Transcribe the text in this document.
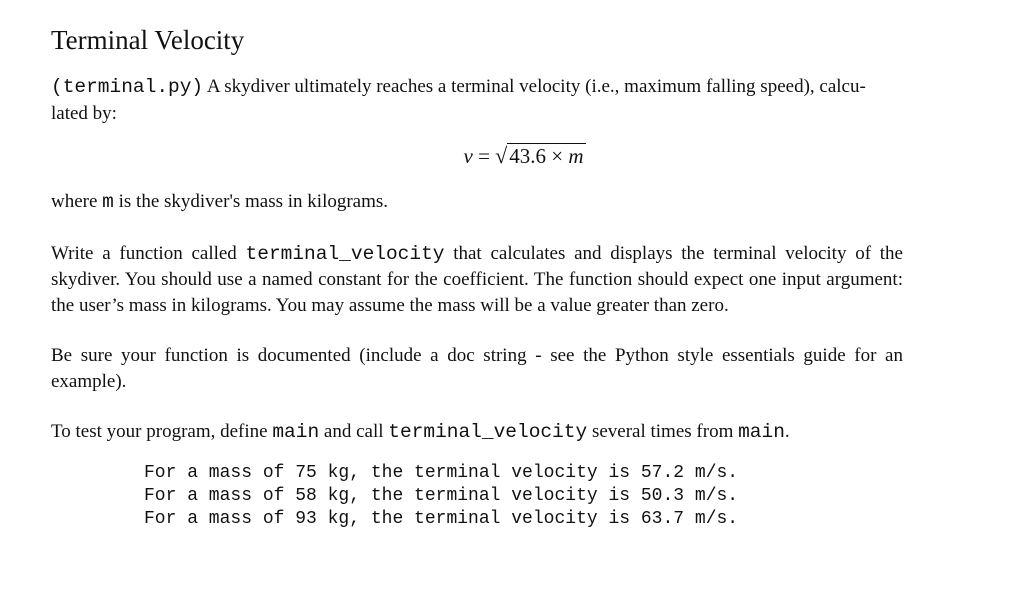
Terminal Velocity

(terminal.py) A skydiver ultimately reaches a terminal velocity (i.e., maximum falling speed), calcu-
lated by:

v = √43.6 × m

where m is the skydiver's mass in kilograms.

Write a function called terminal_velocity that calculates and displays the terminal velocity of the skydiver. You should use a named constant for the coefficient. The function should expect one input argument: the user’s mass in kilograms. You may assume the mass will be a value greater than zero.

Be sure your function is documented (include a doc string - see the Python style essentials guide for an example).

To test your program, define main and call terminal_velocity several times from main.

For a mass of 75 kg, the terminal velocity is 57.2 m/s.
For a mass of 58 kg, the terminal velocity is 50.3 m/s.
For a mass of 93 kg, the terminal velocity is 63.7 m/s.
